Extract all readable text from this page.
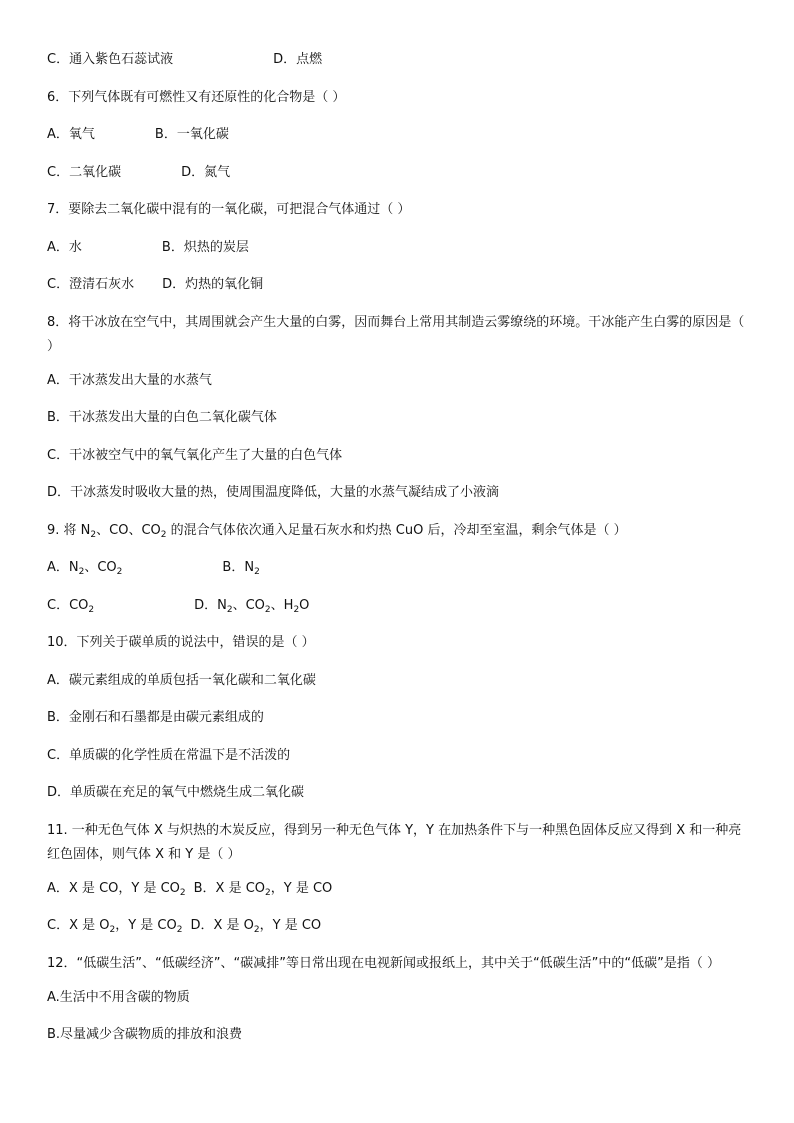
C．通入紫色石蕊试液	D．点燃
6．下列气体既有可燃性又有还原性的化合物是（ ）
A．氧气	B．一氧化碳
C．二氧化碳	D．氮气
7．要除去二氧化碳中混有的一氧化碳，可把混合气体通过（ ）
A．水	B．炽热的炭层
C．澄清石灰水 D．灼热的氧化铜
8．将干冰放在空气中，其周围就会产生大量的白雾，因而舞台上常用其制造云雾缭绕的环境。干冰能产生白雾的原因是（ ）
A．干冰蒸发出大量的水蒸气
B．干冰蒸发出大量的白色二氧化碳气体
C．干冰被空气中的氧气氧化产生了大量的白色气体
D．干冰蒸发时吸收大量的热，使周围温度降低，大量的水蒸气凝结成了小液滴
9. 将 $N_2$、CO、$CO_2$ 的混合气体依次通入足量石灰水和灼热 CuO 后，冷却至室温，剩余气体是（ ）
A．$N_2$、$CO_2$	B．$N_2$
C．$CO_2$	D．$N_2$、$CO_2$、$H_2O$
10．下列关于碳单质的说法中，错误的是（ ）
A．碳元素组成的单质包括一氧化碳和二氧化碳
B．金刚石和石墨都是由碳元素组成的
C．单质碳的化学性质在常温下是不活泼的
D．单质碳在充足的氧气中燃烧生成二氧化碳
11. 一种无色气体 X 与炽热的木炭反应，得到另一种无色气体 Y，Y 在加热条件下与一种黑色固体反应又得到 X 和一种亮红色固体，则气体 X 和 Y 是（ ）
A．X 是 CO，Y 是 $CO_2$ B．X 是 $CO_2$，Y 是 CO
C．X 是 $O_2$，Y 是 $CO_2$ D．X 是 $O_2$，Y 是 CO
12．“低碳生活”、“低碳经济”、“碳减排”等日常出现在电视新闻或报纸上，其中关于“低碳生活”中的“低碳”是指（ ）
A.生活中不用含碳的物质
B.尽量减少含碳物质的排放和浪费
